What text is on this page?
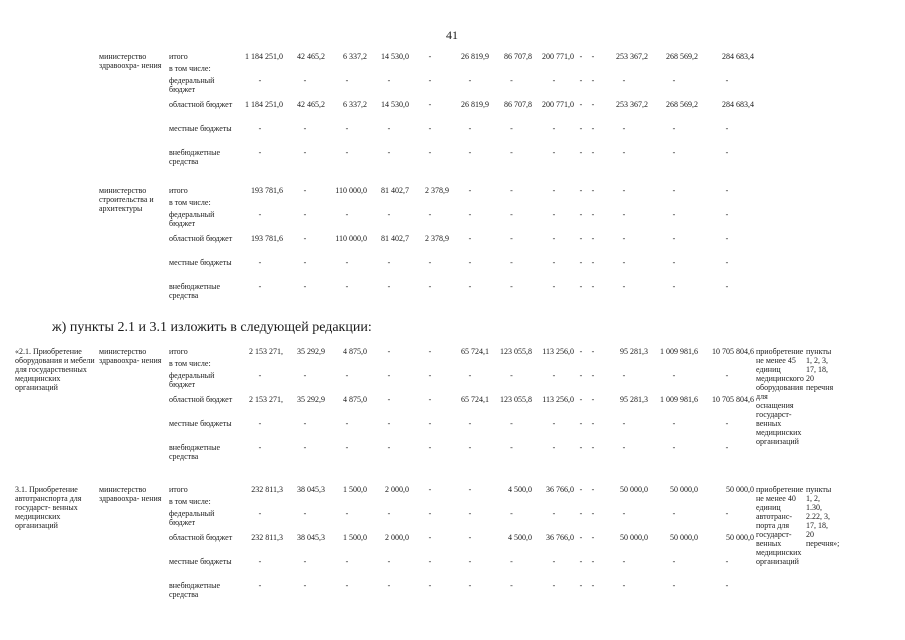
41
	министерство здравоохра- нения	итого	1 184 251,0	42 465,2	6 337,2	14 530,0	-	26 819,9	86 707,8	200 771,0	-	-	253 367,2	268 569,2	284 683,4		
		в том числе:															
		федеральный бюджет	-	-	-	-	-	-	-	-	-	-	-	-	-		
		областной бюджет	1 184 251,0	42 465,2	6 337,2	14 530,0	-	26 819,9	86 707,8	200 771,0	-	-	253 367,2	268 569,2	284 683,4		
		местные бюджеты	-	-	-	-	-	-	-	-	-	-	-	-	-		
		внебюджетные средства	-	-	-	-	-	-	-	-	-	-	-	-	-		
	министерство строительства и архитектуры	итого	193 781,6	-	110 000,0	81 402,7	2 378,9	-	-	-	-	-	-	-	-		
		в том числе:															
		федеральный бюджет	-	-	-	-	-	-	-	-	-	-	-	-	-		
		областной бюджет	193 781,6	-	110 000,0	81 402,7	2 378,9	-	-	-	-	-	-	-	-		
		местные бюджеты	-	-	-	-	-	-	-	-	-	-	-	-	-		
		внебюджетные средства	-	-	-	-	-	-	-	-	-	-	-	-	-		
ж) пункты 2.1 и 3.1 изложить в следующей редакции:
«2.1. Приобретение оборудования и мебели для государственных медицинских организаций	министерство здравоохра- нения	итого	2 153 271,	35 292,9	4 875,0	-	-	65 724,1	123 055,8	113 256,0	-	-	95 281,3	1 009 981,6	10 705 804,6	приобретение не менее 45 единиц медицинского оборудования для оснащения государст- венных медицинских организаций	пункты 1, 2, 3, 17, 18, 20 перечня
		в том числе:															
		федеральный бюджет	-	-	-	-	-	-	-	-	-	-	-	-	-		
		областной бюджет	2 153 271,	35 292,9	4 875,0	-	-	65 724,1	123 055,8	113 256,0	-	-	95 281,3	1 009 981,6	10 705 804,6		
		местные бюджеты	-	-	-	-	-	-	-	-	-	-	-	-	-		
		внебюджетные средства	-	-	-	-	-	-	-	-	-	-	-	-	-		
3.1. Приобретение автотранспорта для государст- венных медицинских организаций	министерство здравоохра- нения	итого	232 811,3	38 045,3	1 500,0	2 000,0	-	-	4 500,0	36 766,0	-	-	50 000,0	50 000,0	50 000,0	приобретение не менее 40 единиц автотранс- порта для государст- венных медицинских организаций	пункты 1, 2, 1.30, 2.22, 3, 17, 18, 20 перечня»;
		в том числе:															
		федеральный бюджет	-	-	-	-	-	-	-	-	-	-	-	-	-		
		областной бюджет	232 811,3	38 045,3	1 500,0	2 000,0	-	-	4 500,0	36 766,0	-	-	50 000,0	50 000,0	50 000,0		
		местные бюджеты	-	-	-	-	-	-	-	-	-	-	-	-	-		
		внебюджетные средства	-	-	-	-	-	-	-	-	-	-	-	-	-		
